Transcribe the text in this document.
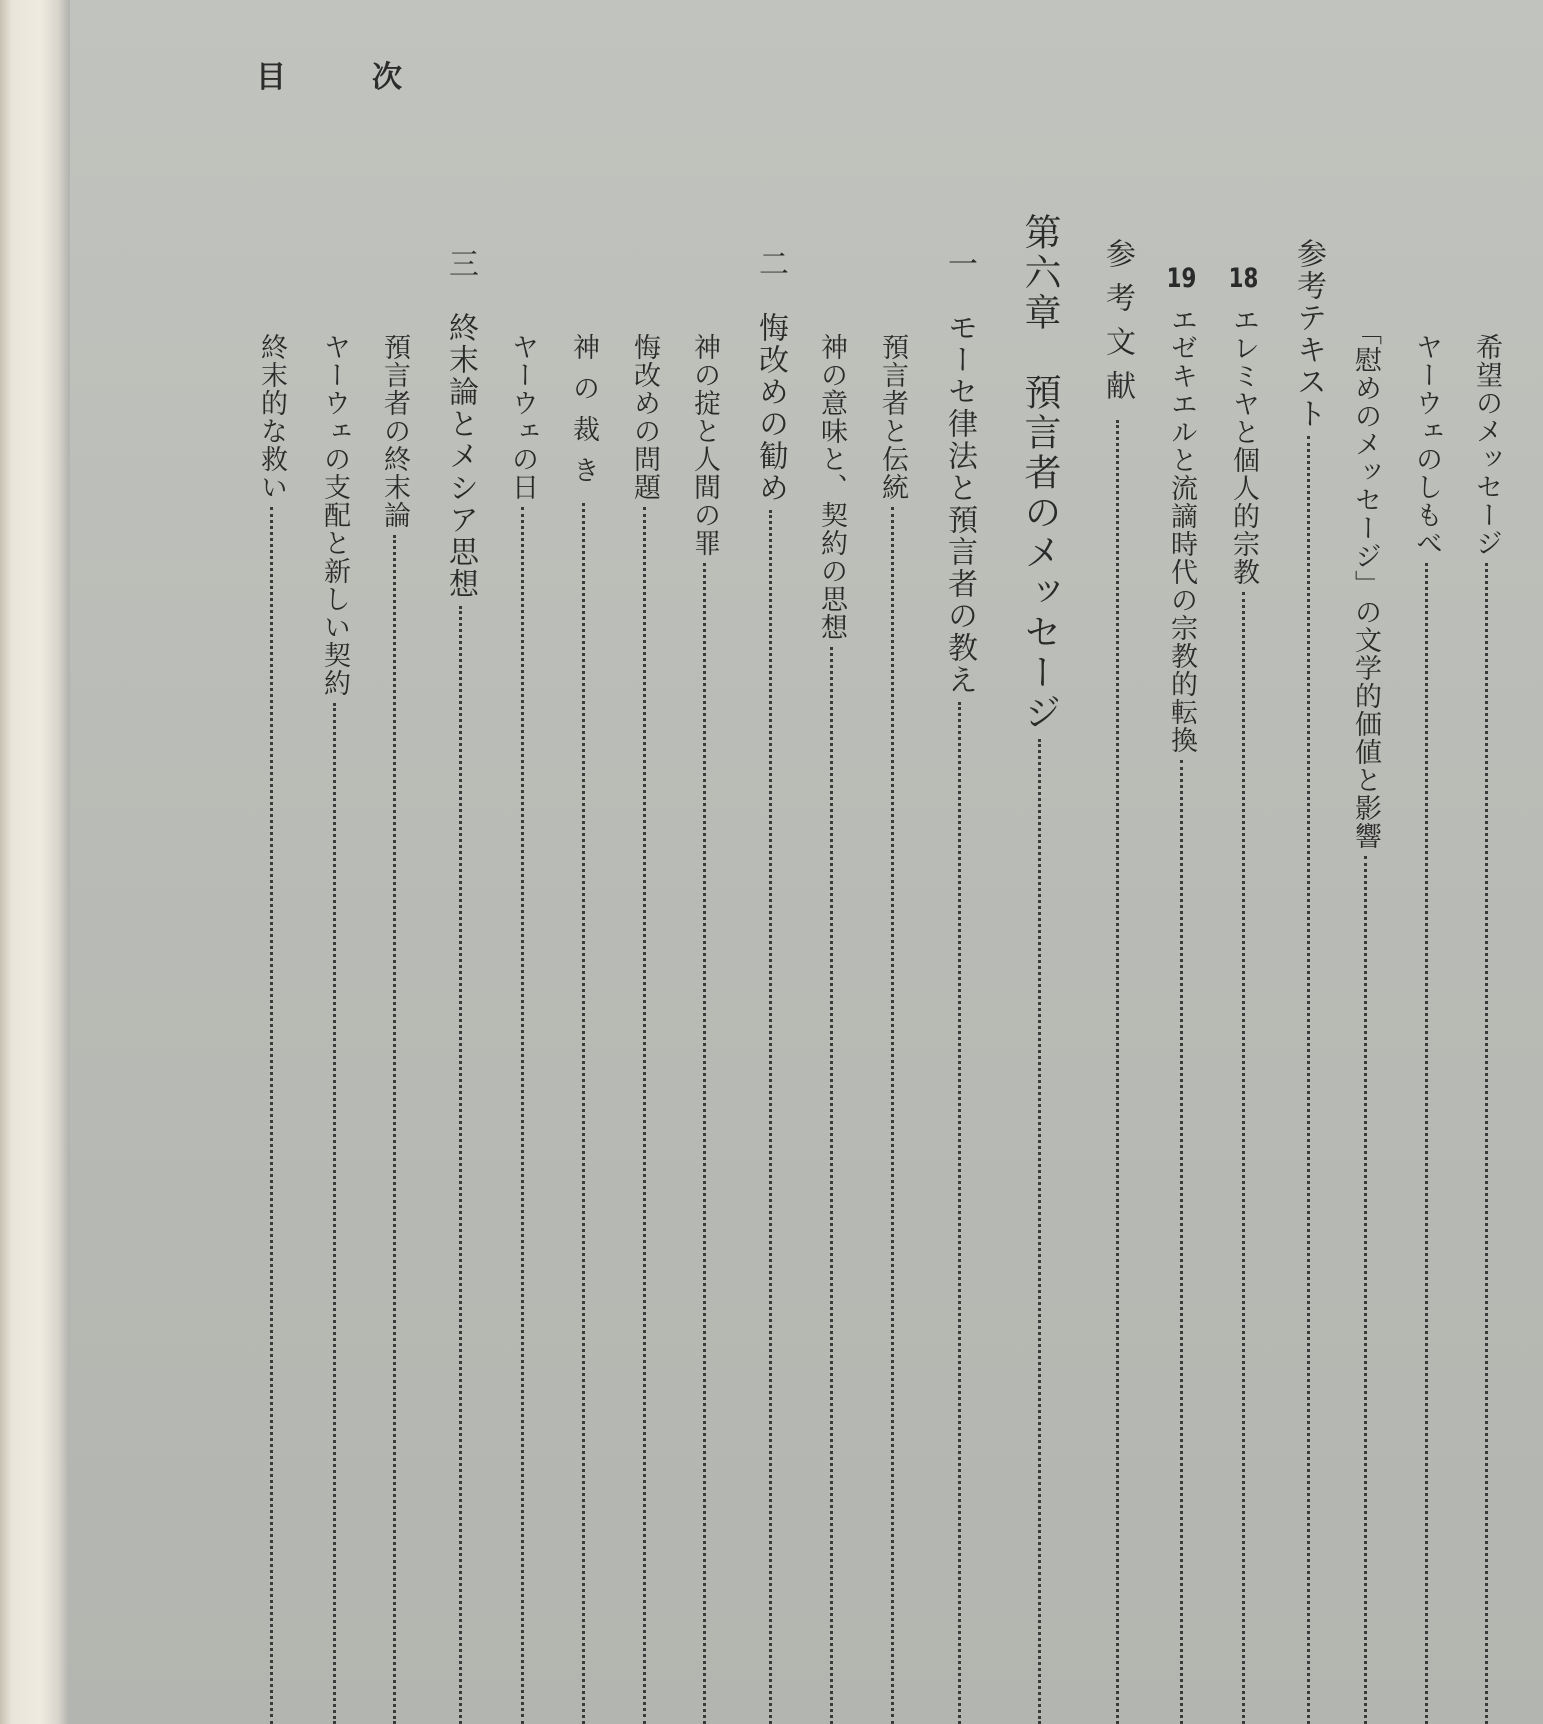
目	次
希望のメッセージ
ヤーウェのしもべ
「慰めのメッセージ」の文学的価値と影響
参考テキスト
18
エレミヤと個人的宗教
19
エゼキエルと流謫時代の宗教的転換
参考文献
第六章　預言者のメッセージ
一　モーセ律法と預言者の教え
預言者と伝統
神の意味と、契約の思想
二　悔改めの勧め
神の掟と人間の罪
悔改めの問題
神の裁き
ヤーウェの日
三　終末論とメシア思想
預言者の終末論
ヤーウェの支配と新しい契約
終末的な救い
